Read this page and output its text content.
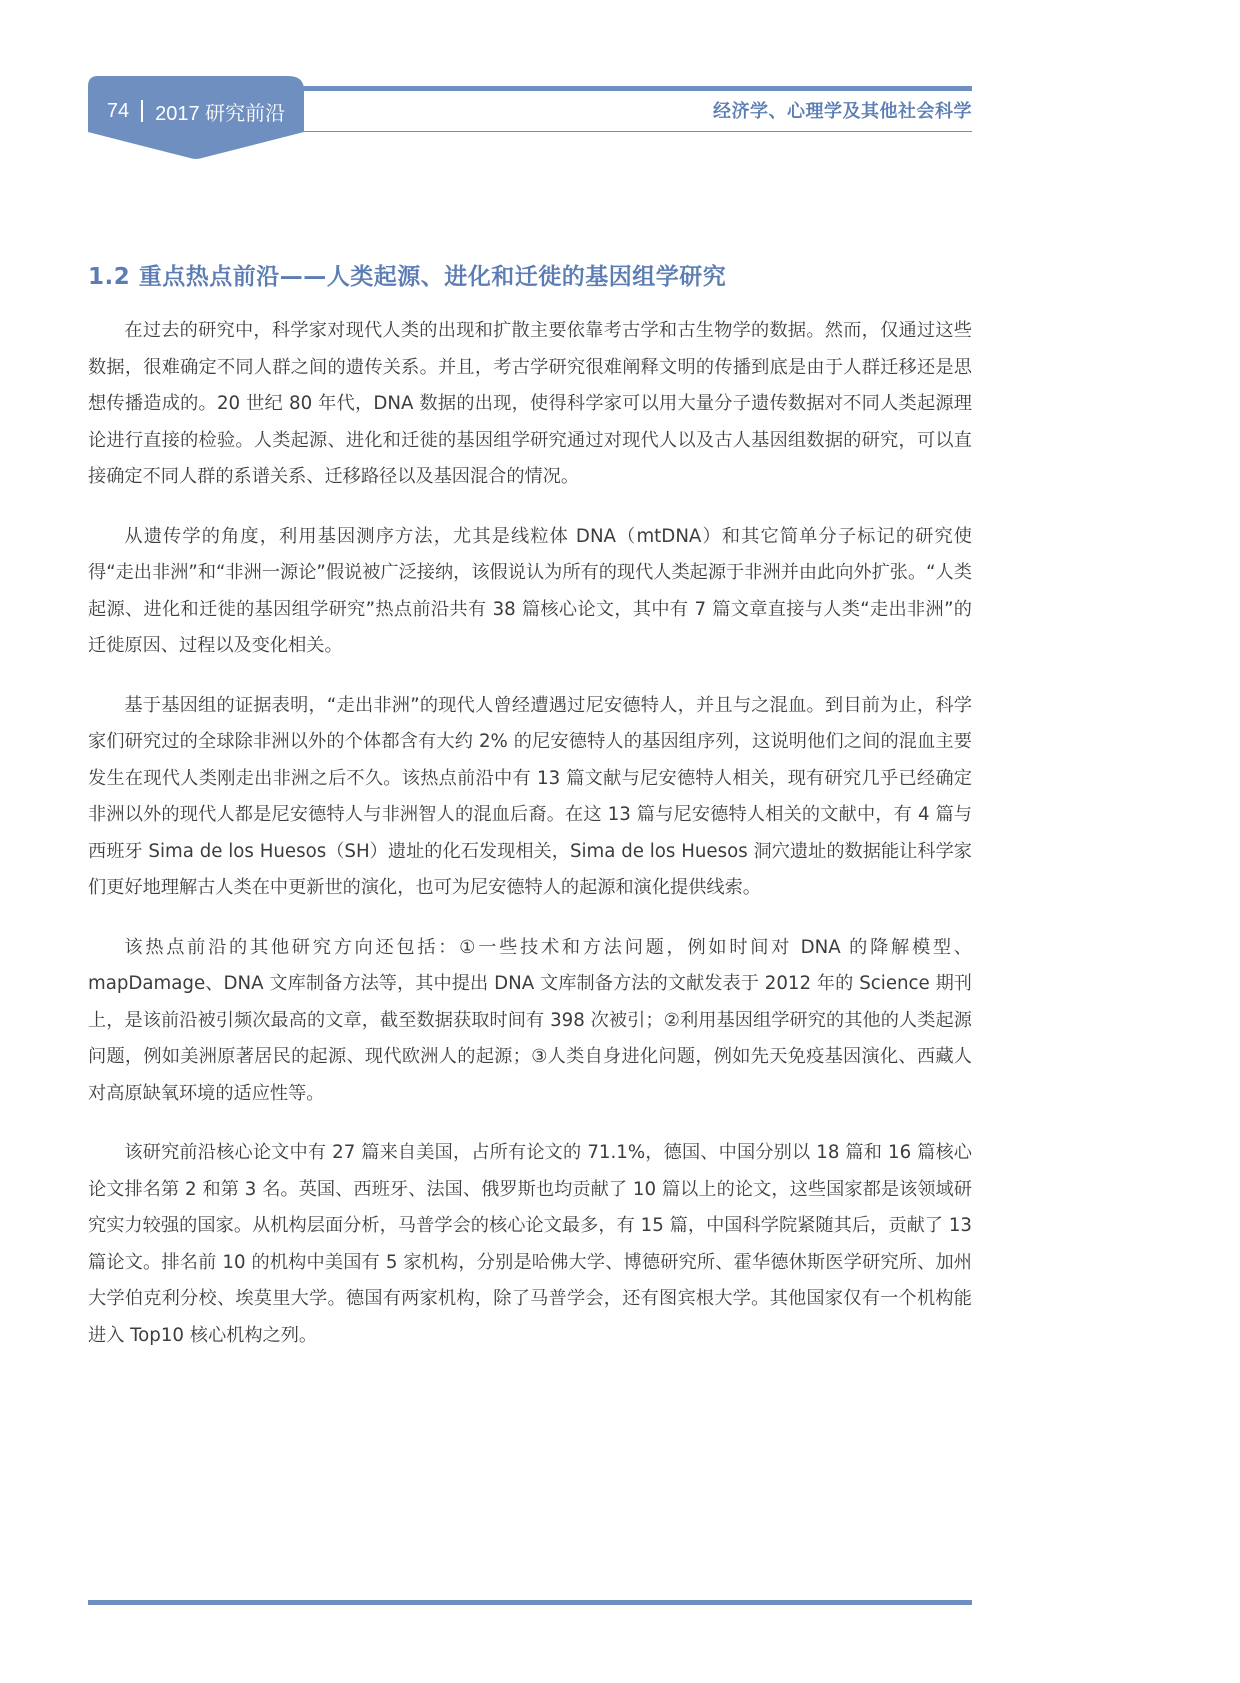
74 2017 研究前沿	经济学、心理学及其他社会科学
1.2 重点热点前沿——人类起源、进化和迁徙的基因组学研究

在过去的研究中，科学家对现代人类的出现和扩散主要依靠考古学和古生物学的数据。然而，仅通过这些数据，很难确定不同人群之间的遗传关系。并且，考古学研究很难阐释文明的传播到底是由于人群迁移还是思想传播造成的。20 世纪 80 年代，DNA 数据的出现，使得科学家可以用大量分子遗传数据对不同人类起源理论进行直接的检验。人类起源、进化和迁徙的基因组学研究通过对现代人以及古人基因组数据的研究，可以直接确定不同人群的系谱关系、迁移路径以及基因混合的情况。

从遗传学的角度，利用基因测序方法，尤其是线粒体 DNA（mtDNA）和其它简单分子标记的研究使得“走出非洲”和“非洲一源论”假说被广泛接纳，该假说认为所有的现代人类起源于非洲并由此向外扩张。“人类起源、进化和迁徙的基因组学研究”热点前沿共有 38 篇核心论文，其中有 7 篇文章直接与人类“走出非洲”的迁徙原因、过程以及变化相关。

基于基因组的证据表明，“走出非洲”的现代人曾经遭遇过尼安德特人，并且与之混血。到目前为止，科学家们研究过的全球除非洲以外的个体都含有大约 2% 的尼安德特人的基因组序列，这说明他们之间的混血主要发生在现代人类刚走出非洲之后不久。该热点前沿中有 13 篇文献与尼安德特人相关，现有研究几乎已经确定非洲以外的现代人都是尼安德特人与非洲智人的混血后裔。在这 13 篇与尼安德特人相关的文献中，有 4 篇与西班牙 Sima de los Huesos（SH）遗址的化石发现相关，Sima de los Huesos 洞穴遗址的数据能让科学家们更好地理解古人类在中更新世的演化，也可为尼安德特人的起源和演化提供线索。

该热点前沿的其他研究方向还包括：①一些技术和方法问题，例如时间对 DNA 的降解模型、mapDamage、DNA 文库制备方法等，其中提出 DNA 文库制备方法的文献发表于 2012 年的 Science 期刊上，是该前沿被引频次最高的文章，截至数据获取时间有 398 次被引；②利用基因组学研究的其他的人类起源问题，例如美洲原著居民的起源、现代欧洲人的起源；③人类自身进化问题，例如先天免疫基因演化、西藏人对高原缺氧环境的适应性等。

该研究前沿核心论文中有 27 篇来自美国，占所有论文的 71.1%，德国、中国分别以 18 篇和 16 篇核心论文排名第 2 和第 3 名。英国、西班牙、法国、俄罗斯也均贡献了 10 篇以上的论文，这些国家都是该领域研究实力较强的国家。从机构层面分析，马普学会的核心论文最多，有 15 篇，中国科学院紧随其后，贡献了 13 篇论文。排名前 10 的机构中美国有 5 家机构，分别是哈佛大学、博德研究所、霍华德休斯医学研究所、加州大学伯克利分校、埃莫里大学。德国有两家机构，除了马普学会，还有图宾根大学。其他国家仅有一个机构能进入 Top10 核心机构之列。
